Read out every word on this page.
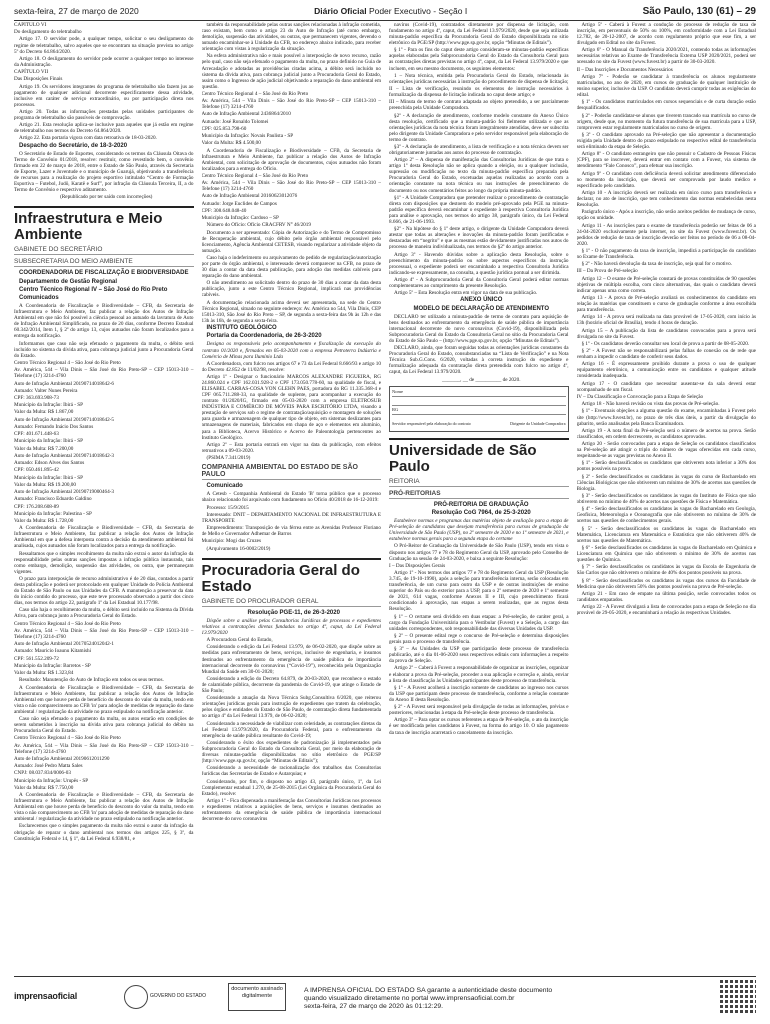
sexta-feira, 27 de março de 2020	Diário Oficial Poder Executivo - Seção I	São Paulo, 130 (61) – 29

CAPÍTULO VI

Do desligamento do teletrabalho

Artigo 17. O servidor pode, a qualquer tempo, solicitar o seu desligamento do regime de teletrabalho, salvo aqueles que se encontram na situação prevista no artigo 5º do Decreto 64.864/2020.

Artigo 18. O desligamento do servidor pode ocorrer a qualquer tempo no interesse da Administração.

CAPÍTULO VII

Das Disposições Finais

Artigo 19. Os servidores integrantes do programa de teletrabalho não fazem jus ao pagamento de qualquer adicional decorrente especificamente dessa atividade, inclusive em caráter de serviço extraordinário, ou por participação direta nos processos.

Artigo 20. Todas as informações prestadas pelas unidades participantes do programa de teletrabalho são passíveis de comprovação.

Artigo 21. Esta resolução aplica-se inclusive para aqueles que já estão em regime de teletrabalho nos termos do Decreto 64.864/2020.

Artigo 22. Esta portaria vigora com data retroativa de 18-03-2020.

Despacho do Secretário, de 18-3-2020

O Secretário de Estado de Esportes, considerando os termos da Cláusula Oitava do Termo de Convênio 01/2018, resolve: restituir, como revestindo bem, o convênio firmado em 22 de março de 2018, entre o Estado de São Paulo, através da Secretaria de Esporte, Lazer e Juventude e o município de Guarujá, objetivando a transferência de recursos para a realização do projeto esportivo intitulado “Centro de Formação Esportiva – Futebol, Judô, Karatê e Surf”, por infração da Cláusula Terceira, II, a do Termo de Convênio e respectivo aditamento.

(Republicado por ter saído com incorreções)

Infraestrutura e Meio Ambiente
GABINETE DO SECRETÁRIO
SUBSECRETARIA DO MEIO AMBIENTE

COORDENADORIA DE FISCALIZAÇÃO E BIODIVERSIDADE

Departamento de Gestão Regional

Centro Técnico Regional IV – São José do Rio Preto

Comunicados

A Coordenadoria de Fiscalização e Biodiversidade – CFB, da Secretaria de Infraestrutura e Meio Ambiente, faz publicar a relação dos Autos de Infração Ambiental em que não foi possível a ciência pessoal ao autuado da lavratura de Auto de Infração Ambiental Simplificado, no prazo de 20 dias, conforme Decreto Estadual 60.342/2014, Item 1, § 2º do artigo 13, cujos autuados não foram localizados para a entrega da notificação.

Informamos que caso não seja efetuado o pagamento da multa, o débito será incluído no sistema da dívida ativa, para cobrança judicial junto a Procuradoria Geral do Estado.

Centro Técnico Regional 4 – São José do Rio Preto

Av. América, 544 – Vila Dinis – São José do Rio Preto-SP – CEP 15013-310 – Telefone (17) 3214-4760

Auto de Infração Ambiental 20190714018642-6

Autuado: Valter Nunes Pereira

CPF: 363.693.908-73

Município da Infração: Ibirá - SP

Valor da Multa: R$ 1.867,00

Auto de Infração Ambiental 20190714018642-5

Autuado: Fernando Inácio Dos Santos

CPF: 401.671.448-63

Município da Infração: Ibirá - SP

Valor da Multa: R$ 7.200,00

Auto de Infração Ambiental 20190714018642-3

Autuado: Edson Alves dos Santos

CPF: 050.461.895-42

Município da Infração: Ibirá - SP

Valor da Multa: R$ 19.200,00

Auto de Infração Ambiental 20190719000464-3

Autuado: Francisco Eduardo Galdino

CPF: 176.208.608-89

Município da Infração: Palestina - SP

Valor da Multa: R$ 1.728,00

A Coordenadoria de Fiscalização e Biodiversidade – CFB, da Secretaria de Infraestrutura e Meio Ambiente, faz publicar a relação dos Autos de Infração Ambiental em que a defesa interposta contra a decisão da atendimento ambiental foi analisada, cujos autuados não foram localizados para a entrega da notificação.

Ressaltamos que o simples recolhimento da multa não extrai o autor da infração da responsabilidade pelas outras sanções impostas a infração pública instaurada, tais como embargo, demolição, suspensão das atividades, ou outra, que permaneçam vigentes.

O prazo para interposição de recurso administrativo é de 20 dias, contados a partir desta publicação e poderá ser protocolado em qualquer Unidade do Polícia Ambiental do Estado de São Paulo ou nas Unidades da CFB. A manutenção a preservar da data do início contido do processo, que este teve processado observado a partir dos cinco dias, nos termos do artigo 22, parágrafo 1º da Lei Estadual 10.177/98.

Caso não haja o recolhimento da multa, o débito será incluído na Sistema da Dívida Ativa, para cobrança junto a Procuradoria Geral do Estado.

Centro Técnico Regional 4 – São José do Rio Preto

Av. América, 544 – Vila Dinis – São José do Rio Preto-SP – CEP 15013-310 – Telefone (17) 3214-4760

Auto de Infração Ambiental 20170524012042-1

Autuado: Mauricio Ioaunu Kitamishi

CPF: 561.552.209-72

Município da Infração: Barretos - SP

Valor da Multa: R$ 1.323,84

Resultado: Manutenção do Auto de Infração em todos os seus termos.

A Coordenadoria de Fiscalização e Biodiversidade – CFB, da Secretaria de Infraestrutura e Meio Ambiente, faz publicar a relação dos Autos de Infração Ambiental em que houve perda de benefício do desconto do valor da multa, tendo em vista o não comparecimento ao CFB 'in' para adoção de medidas de reparação do dano ambiental / regularização da atividade no prazo estipulado na notificação anterior.

Caso não seja efetuado o pagamento da multa, os autos estarão em condições de serem submetidos à inscrição na dívida ativa para cobrança judicial do débito na Procuradoria Geral do Estado.

Centro Técnico Regional 4 – São José do Rio Preto

Av. América, 544 – Vila Dinis – São José do Rio Preto-SP – CEP 15013-310 – Telefone (17) 3214-4760

Auto de Infração Ambiental 20190612011290

Autuado: José Pedro Matta Sales

CNPJ: 08.037.834/0006-03

Município da Infração: Urupês - SP

Valor da Multa: R$ 7.750,00

A Coordenadoria de Fiscalização e Biodiversidade – CFB, da Secretaria de Infraestrutura e Meio Ambiente, faz publicar a relação dos Autos de Infração Ambiental em que houve perda de benefício do desconto do valor da multa, tendo em vista o não comparecimento ao CFB 'in' para adoção de medidas de reparação do dano ambiental / regularização da atividade no prazo estipulado na notificação anterior.

Esclarecemos que o simples pagamento da multa não extrai o autor da infração da obrigação de reparar o dano ambiental nos termos dos artigos 225, § 3º, da Constituição Federal e 14, § 1º, da Lei Federal 6.938/81, e

também da responsabilidade pelas outras sanções relacionadas à infração cometida, caso existam, bem como o artigo 23 do Auto de Infração (até como embargo, demolição, suspensão das atividades, ou outras, que permanecem vigentes, devendo o autuado encaminhar-se à Unidade da CFB, no endereço abaixo indicado, para receber orientação com vistas à regularização da situação.

Na esfera administrativa não e mais possível a interposição de novo recurso, razão pelo qual, caso não seja efetuado o pagamento da multa, no prazo definido no Guia de Arrecadação e adotadas as providências citadas acima, a débito será incluído no sistema da dívida ativa, para cobrança judicial junto a Procuradoria Geral do Estado, assim como o Ingresso de ação judicial objetivando a reparação do dano ambiental em questão.

Centro Técnico Regional 4 – São José do Rio Preto

Av. América, 544 – Vila Dinis – São José do Rio Preto-SP – CEP 15013-310 – Telefone (17) 3214-4760

Auto de Infração Ambiental 2436864/2010

Autuado: José Ronaldo Tolomei

CPF: 025.853.798-60

Município da Infração: Novais Paulista - SP

Valor da Multa: R$ 4.500,00

A Coordenadoria de Fiscalização e Biodiversidade – CFB, da Secretaria de Infraestrutura e Meio Ambiente, faz publicar a relação dos Autos de Infração Ambiental, com solicitação de aprovação de documentos, cujos autuados não foram localizados para a entrega do Ofício.

Centro Técnico Regional 4 – São José do Rio Preto

Av. América, 544 – Vila Dinis – São José do Rio Preto-SP – CEP 15013-310 – Telefone (17) 3214-4760

Auto de Infração Ambiental 20160623012076

Autuado: Jorge Euclides de Campos

CPF: 308.648.048-40

Município da Infração: Cardoso – SP

Número do Ofício: Ofício CRACFRV N° 46/2019

Documento a ser apresentado: Cópia de Autorização e do Termo de Compromisso de Recuperação ambiental, cujo débito pelo órgão ambiental responsável pelo licenciamento, Agência Ambiental CETESB, visando regularizar a atividade objeto da autuação.

Caso haja o indeferimento ou arquivamento do pedido de regularização/autorização por parte do órgão ambiental, o interessado deverá comparecer na CFB, no prazo de 30 dias a contar da data desta publicação, para adoção das medidas cabíveis para reparação do dano ambiental.

O não atendimento ao solicitado dentro do prazo de 30 dias a contar da data desta publicação, junto a este Centro Técnico Regional, implicará nas providências cabíveis.

A documentação relacionada acima deverá ser apresentada, na sede do Centro Técnico Regional, situado no seguinte endereço: Av. América no 544, Vila Dinis, CEP 15013-310, São José do Rio Preto – SP, de segunda a sexta-feira das 9h às 12h e das 13h às 16h, de segunda a sexta-feira.

INSTITUTO GEOLÓGICO

Portaria da Coordenadoria, de 26-3-2020

Designa os responsáveis pelo acompanhamento e fiscalização da execução do contrato 01/2020 e, firmados em 05-03-2020 com a empresa Petroterra Indústria e Comércio de Minas para Ilumínio Ltda

A Coordenadora, com fulcro nos artigos 67 e 73 da Lei Federal 8.666/93 e artigo 10 do Decreto 42.852 de 11/02/98, resolve:

Artigo 1º - Designar o funcionário MARCOS ALEXANDRE FIGUEIRA, RG 24.860.024 e CPF 162.031.928-2 e CPF 173.050.778-60, na qualidade de fiscal, e ELISABEL CARRAS-COSA VON GLEHN PAES, portadora do RG 11.335.368-4 e CPF 065.711.288-33, na qualidade de suplente, para acompanhar a execução do contrato 01/2020/IG, firmado em 05-03-2020 com a empresa ELETROSUB INDÚSTRIA E COMÉRCIO DE MÓVEIS PARA ESCRITÓRIO LTDA, visando a prestação de serviços sob o regime de contratação/aquisição e montagem de soluções para guarda e armazenagem de qualquer tipo de objeto, em sistemas deslizantes para armazenagens de materiais, fabricados em chapa de aço e elementos em alumínio, para a Biblioteca, Acervo Histórico e Acervo de Paleontologia pertencentes ao Instituto Geológico.

Artigo 2º – Esta portaria entrará em vigor na data da publicação, com efeitos retroativos a 09-03-2020.

(PSIMA 7.341/2019)

COMPANHIA AMBIENTAL DO ESTADO DE SÃO PAULO

Comunicado

A Cetesb - Companhia Ambiental do Estado 'B' torna público que o processo abaixo relacionado foi arquivado com fundamento no Ofício 40/2018 de 16-12-2019:

Processo: 15/9/2015

Interessado: DNIT – DEPARTAMENTO NACIONAL DE INFRAESTRUTURA E TRANSPORTE

Empreendimento: Transposição de via férrea entre as Avenidas Professor Floriano de Mello e Governador Adhemar de Barros

Município: Mogi das Cruzes

(Arquivamento 16-0002/2019)

Procuradoria Geral do Estado
GABINETE DO PROCURADOR GERAL

Resolução PGE-11, de 26-3-2020

Dispõe sobre a análise pelas Consultorias Jurídicas de processos e expedientes relativos a contratações diretas fundadas no artigo 4º, caput, da Lei Federal 13.979/2020

A Procuradora Geral do Estado,

Considerando o edição da Lei Federal 13.979, de 06-02-2020, que dispõe sobre as medidas para enfrentamento de bens, serviços, inclusive de engenharia, e insumos destinados ao enfrentamento da emergência de saúde pública de importância internacional decorrente do coronavírus (“Covid-19”), reconhecida pela Organização Mundial da Saúde em 30-01-2020;

Considerando a edição do Decreto 64.879, de 20-03-2020, que reconhece o estado de calamidade pública, decorrente da pandemia do Covid-19, que atinge o Estado de São Paulo;

Considerando a atuação da Nova Técnica Subg.Consultiva 6/2020, que reiterou orientações jurídicas gerais para instrução de expedientes que tratem da celebração, pelos órgãos e entidades do Estado de São Paulo, de contratação direta fundamentada no artigo 4º da Lei Federal 13.979, de 06-02-2020;

Considerando a necessidade de viabilizar com celeridade, as contratações diretas da Lei Federal 13.979/2020, da Procuradoria Federal, para o enfrentamento da emergência de saúde pública resultante do Covid-19;

Considerando o êxito dos expedientes de padronização já implementados pela Subprocuradoria Geral do Estado da Consultoria Geral, por meio da elaboração de diversas minutas-padrão disponibilizadas no sítio eletrônico do PGE/SP (http://www.pge.sp.gov.br, opção “Minutas de Editais”);

Considerando a necessidade de racionalização dos trabalhos das Consultorias Jurídicas das Secretarias de Estado e Autarquias; e

Considerando, por fim, o disposto no artigo 43, parágrafo único, 1º, da Lei Complementar estadual 1.270, de 25-08-2015 (Lei Orgânica da Procuradoria Geral do Estado), resolve:

Artigo 1º - Fica dispensada a manifestação das Consultorias Jurídicas nos processos e expedientes relativos a aquisições de bens, serviços e insumos destinados ao enfrentamento da emergência de saúde pública de importância internacional decorrente do novo coronavírus

navírus (Covid-19), contratados diretamente por dispensa de licitação, com fundamento no artigo 4º, caput, da Lei Federal 13.979/2020, desde que seja utilizada minuta-padrão específica da Procuradoria Geral do Estado disponibilizada no sítio eletrônico da PGE/SP (http://www.pge.sp.gov.br, opção “Minutas de Editais”).

§ 1º - Para os fins do caput deste artigo consideram-se minutas-padrão específicas aquelas elaboradas pela Subprocuradoria Geral do Estado da Consultoria Geral para as contratações diretas previstas no artigo 4º, caput, da Lei Federal 13.979/2020 e que incluem, em seu mesmo documento, os seguintes elementos:

1 – Nota técnica, emitida pela Procuradoria Geral do Estado, relacionada às orientações jurídicas necessárias à instrução do procedimento de dispensa de licitação;

II – Lista de verificação, reunindo os elementos de instrução necessários à formalização da dispensa de licitação indicada no caput deste artigo; e

III – Minuta de termo de contrato adaptada ao objeto pretendido, a ser parcialmente preenchida pela Unidade Compradora.

§2º - A declaração de atendimento, conforme modelo constante do Anexo Único desta resolução, certificado que a minuta-padrão foi fielmente utilizada e que as orientações jurídicas da nota técnica foram integralmente atendidas, deve ser subscrita pelo dirigente da Unidade Compradora e pelo servidor responsável pela elaboração do termo de contrato.

§3º - A declaração de atendimento, a lista de verificação e a nota técnica devem ser obrigatoriamente juntadas aos autos do processo de contratação.

Artigo 2º – A dispensa de manifestação das Consultorias Jurídicas de que trata o artigo 1º desta Resolução não se aplica quando a eleição, ou a qualquer inclusão, supressão ou modificação no texto da minuta-padrão específica preparada pela Procuradoria Geral do Estado, excetuadas aquelas realizadas ao acordo com a orientação constante na nota técnica ou nas instruções de preenchimento do documento ou nos comentários feitos ao longo da própria minuta-padrão.

§1º - A Unidade Compradora que pretender realizar o procedimento de contratação direta com disposições que destoem do modelo pré-aprovado pela PGE na minuta-padrão específica deverá encaminhar o expediente à respectiva Consultoria Jurídica para análise e aprovação, nos termos do artigo 38, parágrafo único, da Lei Federal 8.666, de 21-06-1993.

§2º - Na hipótese do § 1º deste artigo, o dirigente da Unidade Compradora deverá atestar que todas as alterações e inovações da minuta-padrão foram justificadas e destacadas em “negrito” e que as mesmas estão devidamente justificadas nos autos do processo de maneira individualizada, nos termos do §2º do artigo anterior.

Artigo 3º - Havendo dúvidas sobre a aplicação desta Resolução, sobre o preenchimento da minuta-padrão ou sobre aspectos específicos da instrução processual, o expediente poderá ser encaminhado a respectiva Consultoria Jurídica indicando-se expressamente, na consulta, a questão jurídica pontual a ser dirimida.

Artigo 4º - A Subprocuradoria Geral da Consultoria Geral poderá editar normas complementares ao cumprimento da presente Resolução.

Artigo 5º – Esta Resolução entra em vigor na data de sua publicação.

ANEXO ÚNICO

MODELO DE DECLARAÇÃO DE ATENDIMENTO

DECLARO ter utilizado a minuta-padrão de termo de contrato para aquisição de bens destinados ao enfrentamento da emergência de saúde pública de importância internacional decorrente do novo coronavírus (Covid-19), disponibilizada pela Subprocuradoria Geral do Estado da Consultoria Geral no sítio da Procuradoria Geral do Estado de São Paulo – (http://www.pge.sp.gov.br, opção “Minutas de Editais”).

DECLARO, ainda, que foram seguidas todas as orientações jurídicas constantes da Procuradoria Geral do Estado, consubstanciadas na “Lista de Verificação” e na Nota Técnica Sub.G.Cons. 6/2020, voltadas à correta instrução do expediente e formalização adequada da contratação direta pretendida com fulcro no artigo 4º, caput, da Lei Federal 13.979/2020.

_______, __ de __________ de 2020.

Nome
RG
Servidor responsável pela elaboração do contrato	Dirigente da Unidade Compradora
Universidade de São Paulo
REITORIA
PRÓ-REITORIAS

PRÓ-REITORIA DE GRADUAÇÃO

Resolução CoG 7964, de 25-3-2020

Estabelece normas e programas das matérias objeto de avaliação para a etapa de Pré-seleção de candidatos que desejam transferência para cursos de graduação da Universidade de São Paulo (USP), no 2º semestre de 2020 e no 1º semestre de 2021, e estabelece normas gerais para a segunda etapa do certame

O Pró-Reitor de Graduação da Universidade de São Paulo (USP), tendo em vista o disposto nos artigos 77 e 78 do Regimento Geral da USP, aprovado pelo Conselho de Graduação na sessão de 24-03-2020, e baixa a seguinte Resolução:

I – Das Disposições Gerais

Artigo 1º - Nos termos dos artigos 77 e 78 do Regimento Geral da USP (Resolução 3.745, de 19-10-1990), após a seleção para transferência interna, serão colocadas em transferência, de um curso para outro da USP e de outras instituições de ensino superior do País ou do exterior para a USP, para o 2º semestre de 2020 e 1º semestre de 2021, 614 vagas, conforme Anexos II e III, cujo preenchimento ficará condicionado à aprovação, nas etapas a serem realizadas, que as regras desta Resolução.

§ 1º – O certame será dividido em duas etapas: a Pré-seleção, de caráter geral, a cargo da Fundação Universitária para o Vestibular (Fuvest) e a Seleção, a cargo das unidades correspondentes, sob responsabilidade das diversas Unidades da USP.

§ 2º – O presente edital rege o concurso de Pré-seleção e determina disposições gerais para o processo de transferência.

§ 3º – As Unidades da USP que participarão deste processo de transferência publicarão, até o dia 01-06-2020 seus respectivos editais com informações a respeito da prova de Seleção.

Artigo 2º – Caberá à Fuvest a responsabilidade de organizar as inscrições, organizar e elaborar a prova da Pré-seleção, proceder a sua aplicação e correção e, ainda, enviar a lista de classificação às Unidades participantes deste processo de transferência.

§ 1º - A Fuvest acolherá a inscrição somente de candidatos ao ingresso nos cursos da USP que participam deste processo de transferência, conforme a relação constante do Anexo II desta Resolução.

§ 2º - A Fuvest será responsável pela divulgação de todas as informações, prévias e posteriores, relacionadas à etapa da Pré-seleção deste processo de transferência.

Artigo 3º – Para optar os cursos referentes a etapa de Pré-seleção, o ato da inscrição é ser modificada pelos candidatos à Fuvest, na forma do artigo 10. O não pagamento da taxa de inscrição acarretará o cancelamento da inscrição.

Artigo 5º - Caberá à Fuvest a condução do processo de redução de taxa de inscrição, em percentuais de 50% ou 100%, em conformidade com a Lei Estadual 12.782, de 20-12-2007, de acordo com regulamento próprio que esse fim, a ser divulgado em Edital no site da Fuvest.

Artigo 6º - O Manual da Transferência 2020/2021, contendo todas as informações necessárias relativas ao Exame de Transferência Externa USP 2020/2021, poderá ser acessado no site da Fuvest (www.fuvest.br) a partir de 30-03-2020.

II – Das Inscrições e Documentos Necessários

Artigo 7º - Poderão se candidatar à transferência os alunos regularmente matriculados, no ano de 2020, em cursos de graduação de qualquer instituição de ensino superior, inclusive da USP. O candidato deverá cumprir todas as exigências do edital.

§ 1º - Os candidatos matriculados em cursos sequenciais e de curta duração estão desqualificados.

§ 2º - Poderão candidatar-se alunos que tiverem trancado sua matrícula no curso de origem, desde que, no momento da futura transferência de sua matrícula para a USP, comprovem estar regularmente matriculados no curso de origem.

§ 3º - O candidato aprovado na Pré-seleção que não apresentar a documentação exigida pela Unidade dentro do prazo estipulado no respectivo edital de transferência será eliminado da etapa de Seleção.

Artigo 8º - O candidato estrangeiro que não possuir o Cadastro de Pessoas Físicas (CPF), para se inscrever, deverá entrar em contato com a Fuvest, via sistema de atendimento “Fale Conosco”, para efetuar sua inscrição.

Artigo 9º - O candidato com deficiência deverá solicitar atendimento diferenciado no momento da inscrição, que deverá ser comprovado por laudo médico e especificado pelo candidato.

Artigo 10 - A inscrição deverá ser realizada em único curso para transferência e declarar, no ato de inscrição, que tem conhecimento das normas estabelecidas nesta Resolução.

Parágrafo único - Após a inscrição, não serão aceitos pedidos de mudança de curso, opção ou unidade.

Artigo 11 - As inscrições para o exame de transferência poderão ser feitas de 06 a 24-04-2020 exclusivamente pela internet, no site da Fuvest (www.fuvest.br). Os pedidos de redução de taxa de inscrição deverão ser feitos no período de 06 a 08-04-2020.

§ 1º - O não pagamento da taxa de inscrição, impedirá a participação do candidato no Exame de Transferência.

§ 2º - Não haverá devolução da taxa de inscrição, seja qual for o motivo.

III – Da Prova de Pré-seleção

Artigo 12 – O exame de Pré-seleção constará de provas constituídas de 90 questões objetivas de múltipla escolha, com cinco alternativas, das quais o candidato deverá indicar apenas uma como correta.

Artigo 13 - A prova de Pré-seleção avaliará os conhecimentos do candidato em relação às matérias que constituem o curso de graduação conforme a área escolhida para transferência.

Artigo 14 - A prova será realizada na data provável de 17-05-2020, com início às 13h (horário oficial de Brasília), tendo 4 horas de duração.

Artigo 15 – A publicação da lista de candidatos convocados para a prova será divulgada no site da Fuvest.

§ 1º - Os candidatos deverão consultar seu local de prova a partir de 08-05-2020.

§ 2º - A Fuvest não se responsabilizará pelas falhas de conexão ou de rede que venham a impedir o candidato de conferir seus dados.

Artigo 16 - É expressamente proibido durante a prova o uso de qualquer equipamento eletrônico, a comunicação entre os candidatos e qualquer atitude considerada inadequada.

Artigo 17 - O candidato que necessitar ausentar-se da sala deverá estar acompanhado de um fiscal.

IV – Da Classificação e Convocação para a Etapa de Seleção

Artigo 18 - Não haverá revisão ou vista das provas de Pré-seleção.

§ 1º - Eventuais objeções a alguma questão do exame, encaminhadas à Fuvest pelo site (http://www.fuvest.br), no prazo de três dias úteis, a partir da divulgação do gabarito, serão analisadas pela Banca Examinadora.

Artigo 19 - A nota final da Pré-seleção será o número de acertos na prova. Serão classificados, em ordem decrescente, os candidatos aprovados.

Artigo 20 - Serão convocados para a etapa de Seleção os candidatos classificados na Pré-seleção até atingir o triplo do número de vagas oferecidas em cada curso, respeitando-se as vagas previstas no Anexo II.

§ 1º - Serão desclassificados os candidatos que obtiverem nota inferior a 30% dos pontos possíveis na prova.

§ 2º - Serão desclassificados os candidatos às vagas do curso de Bacharelado em Ciências Biológicas que não obtiverem um mínimo de 30% de acertos nas questões de Biologia.

§ 3º - Serão desclassificados os candidatos às vagas do Instituto de Física que não obtiverem no mínimo de 40% de acertos nas questões de Física e Matemática.

§ 4º - Serão desclassificados os candidatos às vagas do Bacharelado em Geologia, Geofísica, Meteorologia e Oceanografia que não obtiverem no mínimo de 30% de acertos nas questões de conhecimentos gerais.

§ 5º - Serão desclassificados os candidatos às vagas do Bacharelado em Matemática, Licenciatura em Matemática e Estatística que não obtiverem 40% de acertos nas questões de Matemática.

§ 6º - Serão desclassificados os candidatos às vagas do Bacharelado em Química e Licenciatura em Química que não obtiverem o mínimo de 30% de acertos nas questões de Química.

§ 7º - Serão desclassificados os candidatos às vagas da Escola de Engenharia de São Carlos que não obtiverem o mínimo de 40% dos pontos possíveis na prova.

§ 8º - Serão desclassificados os candidatos às vagas dos cursos da Faculdade de Medicina que não obtiverem 50% dos pontos possíveis na prova de Pré-seleção.

Artigo 21 - Em caso de empate na última posição, serão convocados todos os candidatos empatados.

Artigo 22 - A Fuvest divulgará a lista de convocados para a etapa de Seleção no dia provável de 29-05-2020, e encaminhará a relação às respectivas Unidades.

imprensaoficial	GOVERNO DO ESTADO
documento assinado digitalmente
A IMPRENSA OFICIAL DO ESTADO SA garante a autenticidade deste documento
quando visualizado diretamente no portal www.imprensaoficial.com.br
sexta-feira, 27 de março de 2020 às 01:12:29.
